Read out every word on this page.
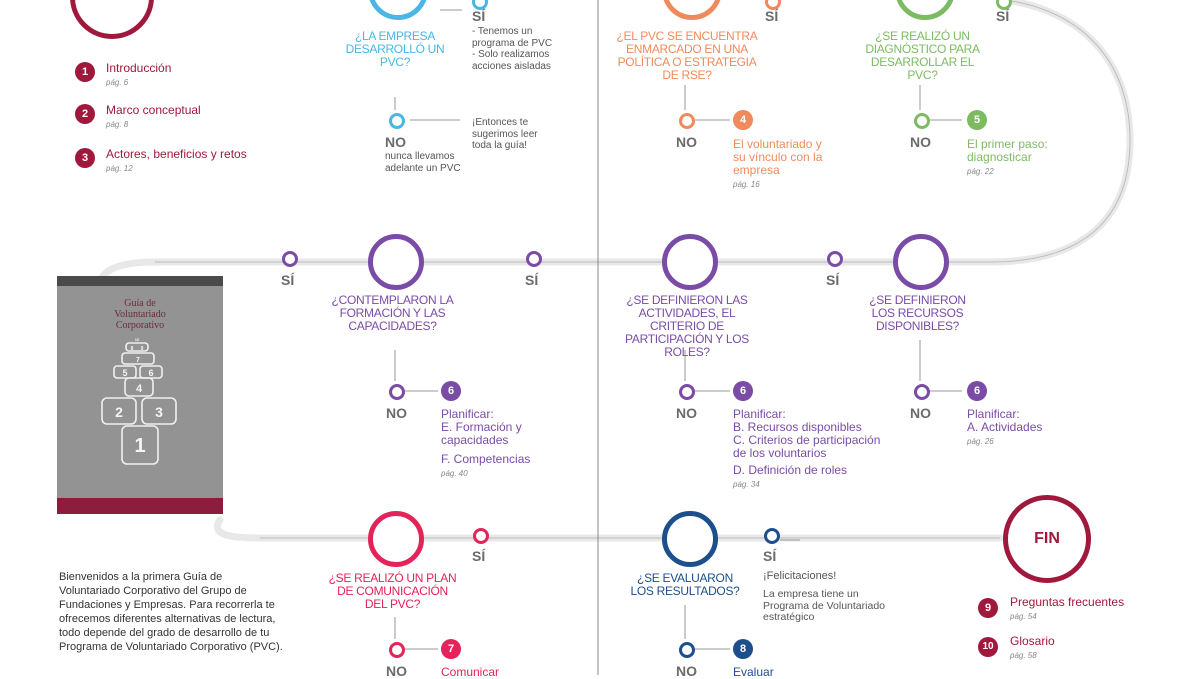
1	Introducción
pág. 6
2	Marco conceptual
pág. 8
3	Actores, beneficios y retos
pág. 12
¿LA EMPRESA DESARROLLÓ UN PVC?
SÍ
- Tenemos un programa de PVC
- Solo realizamos acciones aisladas
NO
nunca llevamos adelante un PVC
¡Entonces te sugerimos leer toda la guía!
SÍ
¿EL PVC SE ENCUENTRA ENMARCADO EN UNA POLÍTICA O ESTRATEGIA DE RSE?
NO
4
El voluntariado y su vínculo con la empresa
pág. 16
SÍ
¿SE REALIZÓ UN DIAGNÓSTICO PARA DESARROLLAR EL PVC?
NO
5
El primer paso: diagnosticar
pág. 22
SÍ
¿SE DEFINIERON LOS RECURSOS DISPONIBLES?
NO
6
Planificar:
A. Actividades
pág. 26
SÍ
¿SE DEFINIERON LAS ACTIVIDADES, EL CRITERIO DE PARTICIPACIÓN Y LOS ROLES?
NO
6
Planificar:
B. Recursos disponibles
C. Criterios de participación de los voluntarios
D. Definición de roles
pág. 34
SÍ
¿CONTEMPLARON LA FORMACIÓN Y LAS CAPACIDADES?
NO
6
Planificar:
E. Formación y capacidades
F. Competencias
pág. 40
Guía de Voluntariado Corporativo
1
2 3
4
5 6
7
8 9
10
SÍ
¿SE REALIZÓ UN PLAN DE COMUNICACIÓN DEL PVC?
NO
7
Comunicar
SÍ
¡Felicitaciones!
La empresa tiene un Programa de Voluntariado estratégico
¿SE EVALUARON LOS RESULTADOS?
NO
8
Evaluar
FIN
9	Preguntas frecuentes
pág. 54
10	Glosario
pág. 58
Bienvenidos a la primera Guía de Voluntariado Corporativo del Grupo de Fundaciones y Empresas. Para recorrerla te ofrecemos diferentes alternativas de lectura, todo depende del grado de desarrollo de tu Programa de Voluntariado Corporativo (PVC).
